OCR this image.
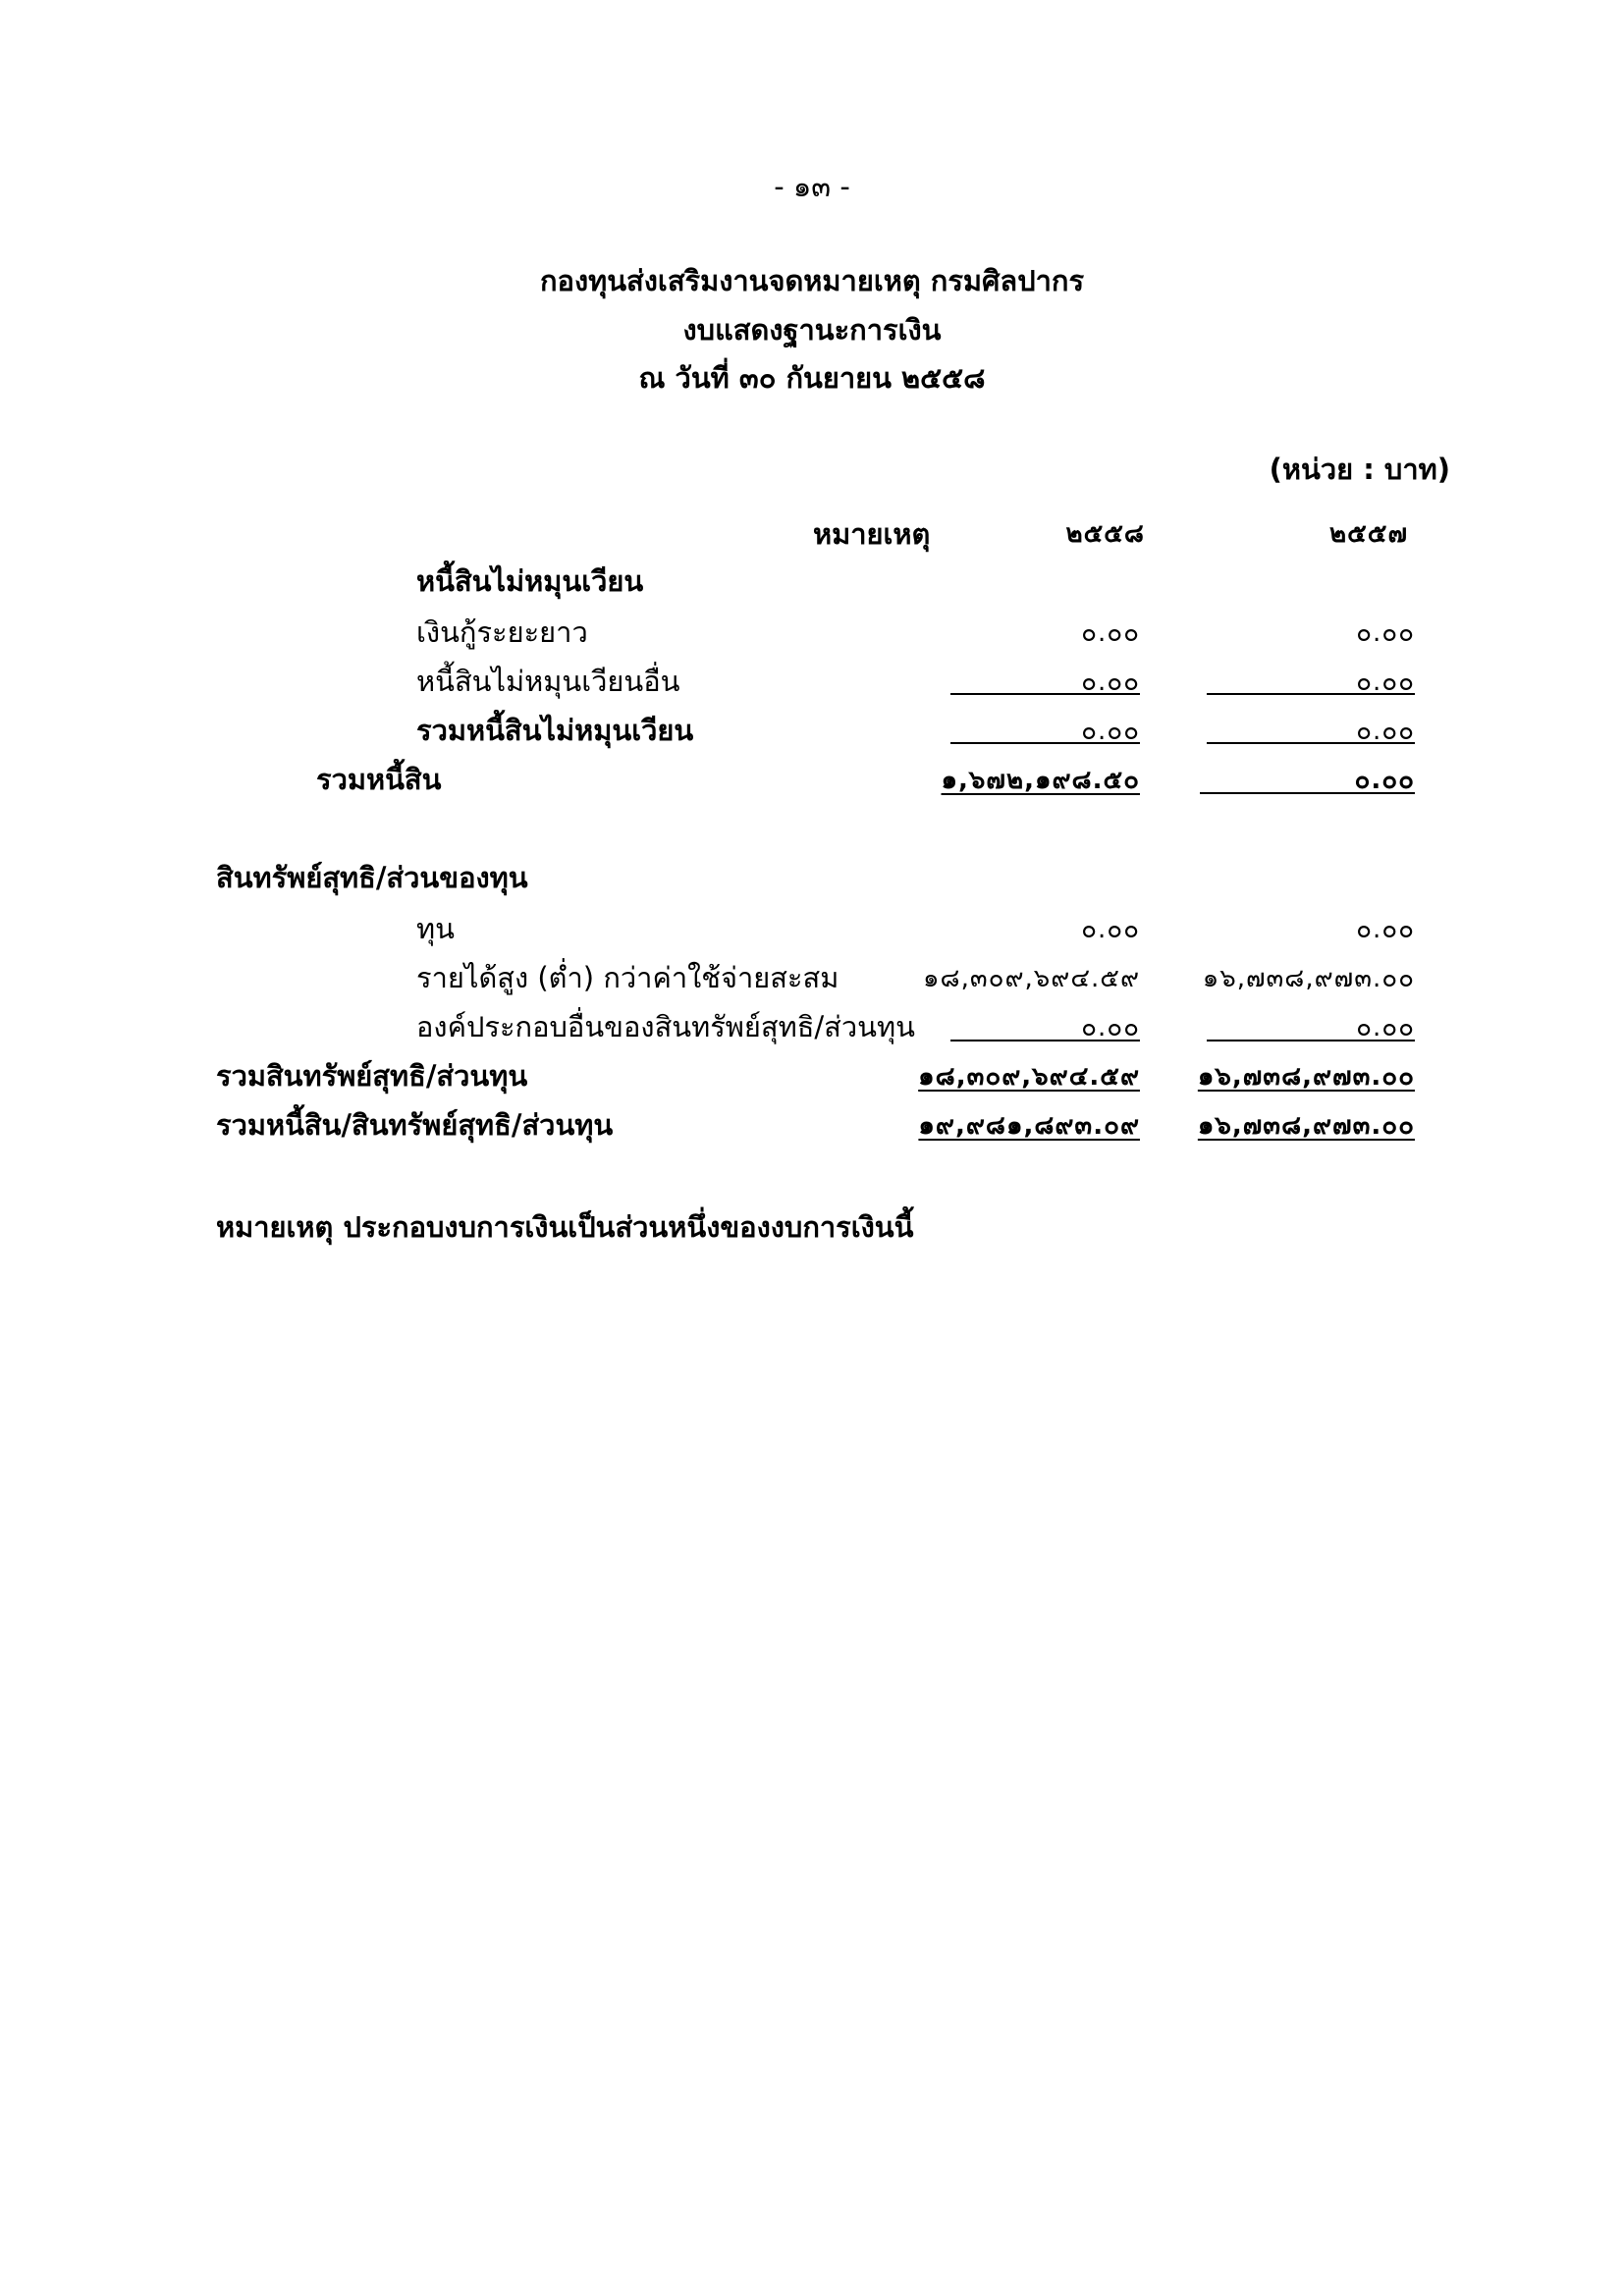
- ๑๓ -
กองทุนส่งเสริมงานจดหมายเหตุ กรมศิลปากร
งบแสดงฐานะการเงิน
ณ วันที่ ๓๐ กันยายน ๒๕๕๘
(หน่วย : บาท)
หมายเหตุ	๒๕๕๘	๒๕๕๗
หนี้สินไม่หมุนเวียน
เงินกู้ระยะยาว	๐.๐๐	๐.๐๐
หนี้สินไม่หมุนเวียนอื่น	๐.๐๐	๐.๐๐
รวมหนี้สินไม่หมุนเวียน	๐.๐๐	๐.๐๐
รวมหนี้สิน	๑,๖๗๒,๑๙๘.๕๐	๐.๐๐
สินทรัพย์สุทธิ/ส่วนของทุน
ทุน	๐.๐๐	๐.๐๐
รายได้สูง (ต่ำ) กว่าค่าใช้จ่ายสะสม	๑๘,๓๐๙,๖๙๔.๕๙ ๑๖,๗๓๘,๙๗๓.๐๐
องค์ประกอบอื่นของสินทรัพย์สุทธิ/ส่วนทุน	๐.๐๐	๐.๐๐
รวมสินทรัพย์สุทธิ/ส่วนทุน	๑๘,๓๐๙,๖๙๔.๕๙ ๑๖,๗๓๘,๙๗๓.๐๐
รวมหนี้สิน/สินทรัพย์สุทธิ/ส่วนทุน	๑๙,๙๘๑,๘๙๓.๐๙ ๑๖,๗๓๘,๙๗๓.๐๐
หมายเหตุ ประกอบงบการเงินเป็นส่วนหนึ่งของงบการเงินนี้
